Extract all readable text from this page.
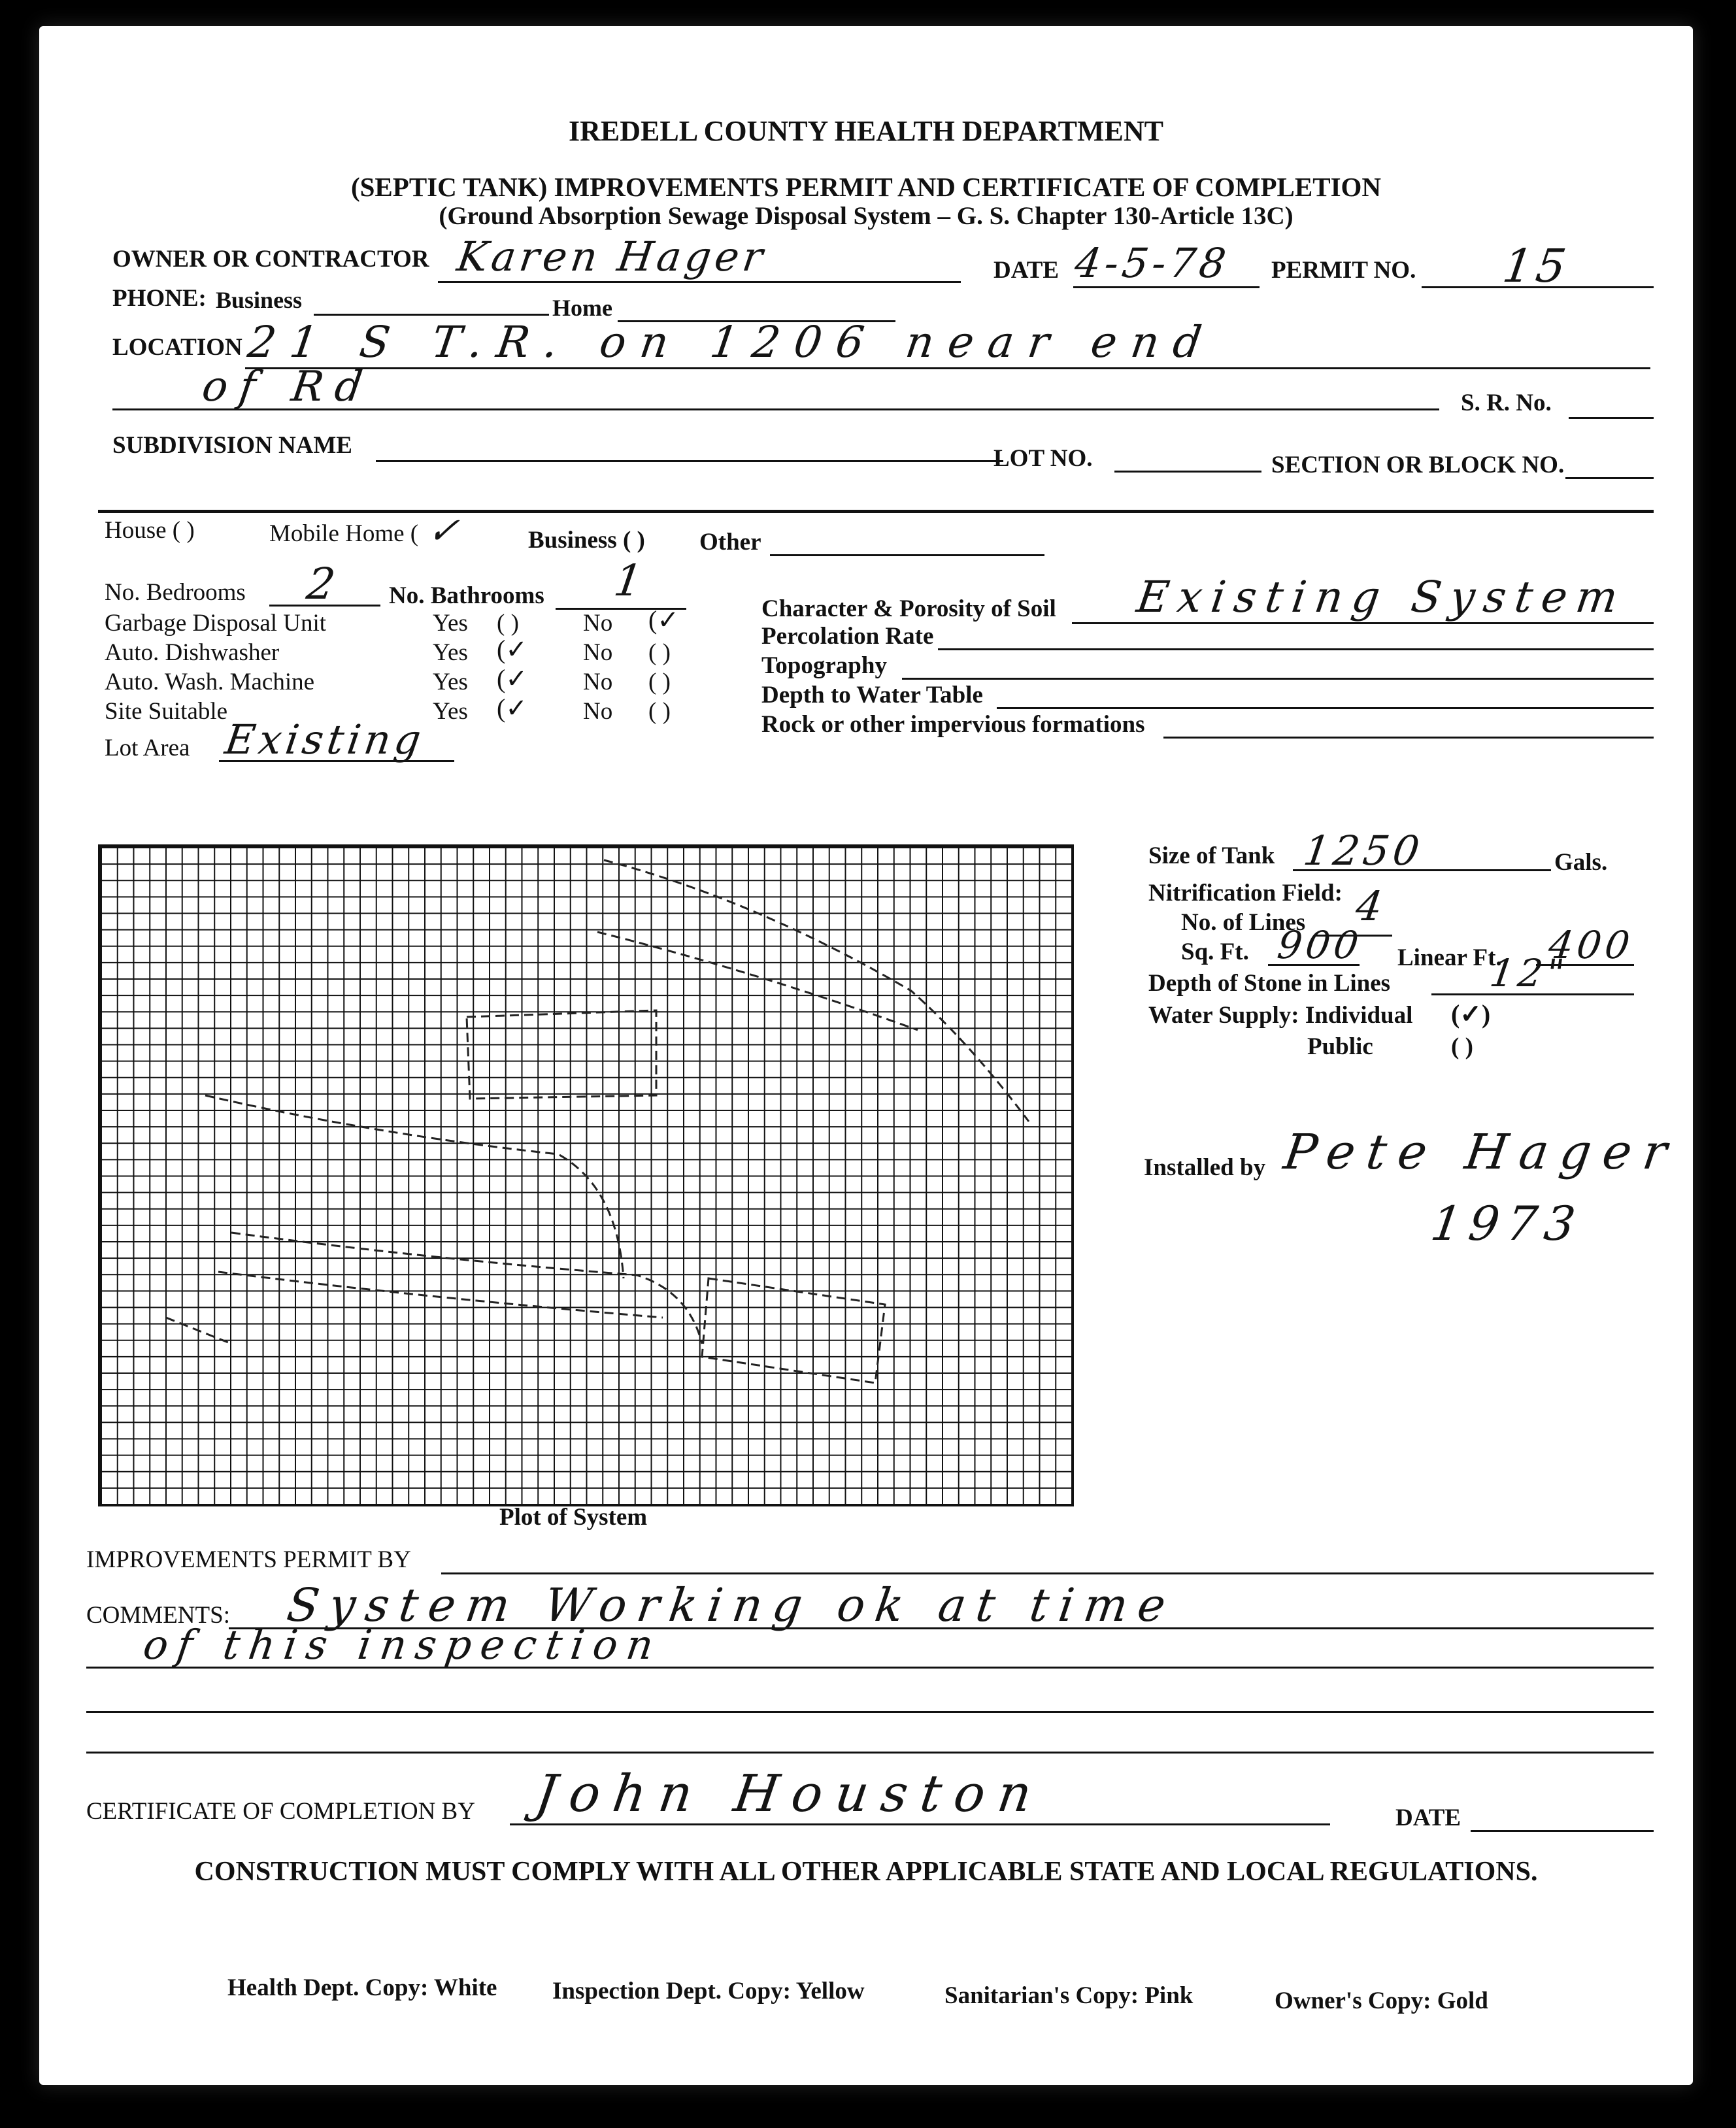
IREDELL COUNTY HEALTH DEPARTMENT
(SEPTIC TANK) IMPROVEMENTS PERMIT AND CERTIFICATE OF COMPLETION
(Ground Absorption Sewage Disposal System – G. S. Chapter 130-Article 13C)
OWNER OR CONTRACTOR Karen Hager	DATE 4-5-78 PERMIT NO. 15
PHONE: Business	Home
LOCATION 21 S T.R. on 1206 near end
of Rd	S. R. No.
SUBDIVISION NAME	LOT NO.	SECTION OR BLOCK NO.
House ( )	Mobile Home ( ✓	Business ( ) Other
No. Bedrooms 2 No. Bathrooms 1
Garbage Disposal Unit	Yes ( )	No (✓
Auto. Dishwasher	Yes (✓ No ( )
Auto. Wash. Machine	Yes (✓ No ( )
Site Suitable	Yes (✓ No ( )
Lot Area Existing
Character & Porosity of Soil Existing System
Percolation Rate
Topography
Depth to Water Table
Rock or other impervious formations
Plot of System
Size of Tank 1250	Gals.
Nitrification Field:
No. of Lines 4
Sq. Ft. 900 Linear Ft. 400
Depth of Stone in Lines	12"
Water Supply: Individual (✓)
Public	( )
Installed by Pete Hager
1973
IMPROVEMENTS PERMIT BY
COMMENTS: System Working ok at time
of this inspection
CERTIFICATE OF COMPLETION BY John Houston	DATE
CONSTRUCTION MUST COMPLY WITH ALL OTHER APPLICABLE STATE AND LOCAL REGULATIONS.
Health Dept. Copy: White Inspection Dept. Copy: Yellow	Sanitarian's Copy: Pink	Owner's Copy: Gold
